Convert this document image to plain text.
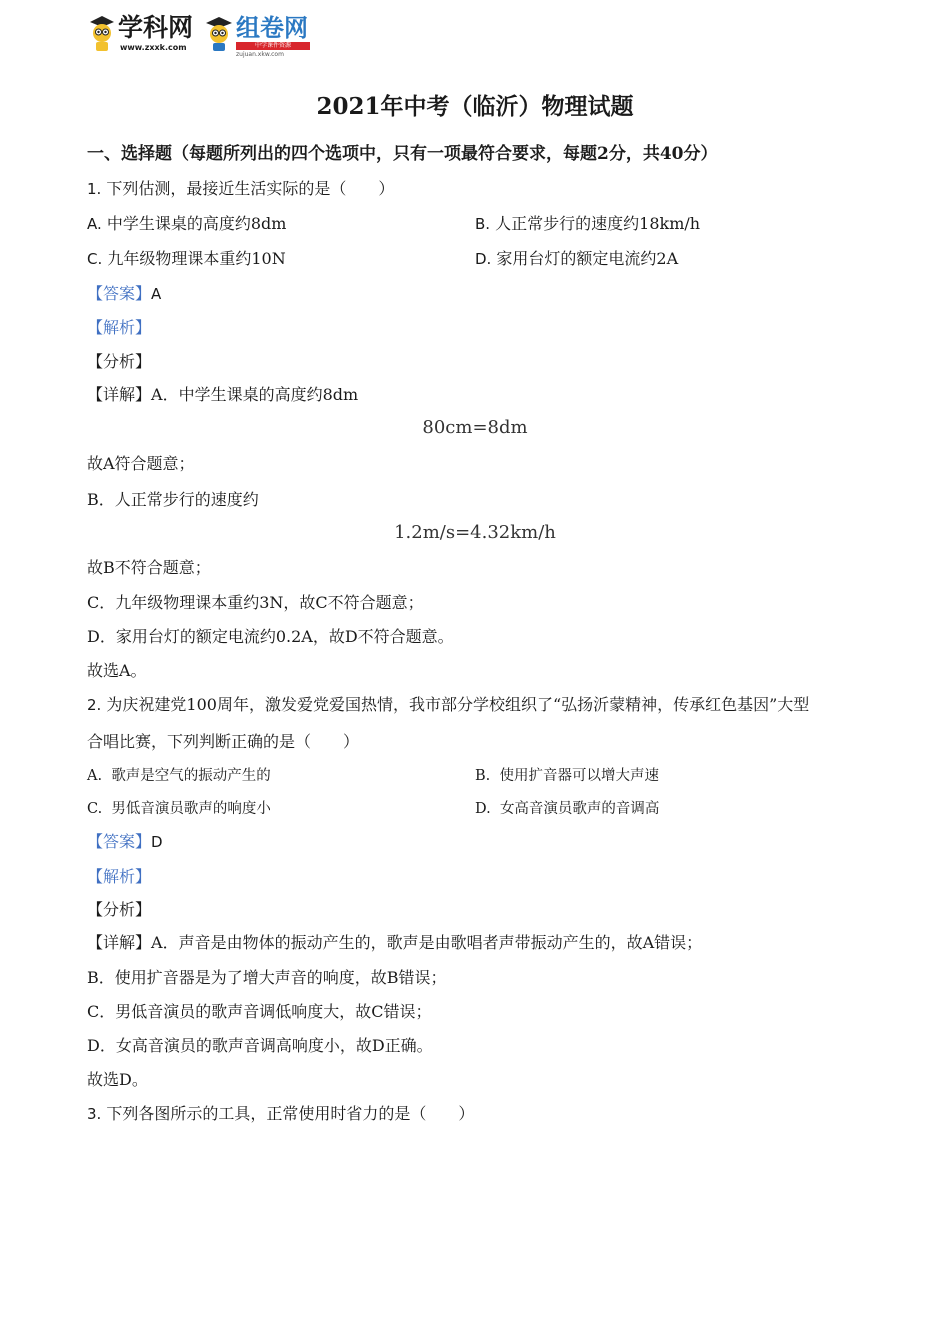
学科网
www.zxxk.com
组卷网
中学课件资源
zujuan.xkw.com
2021年中考（临沂）物理试题
一、选择题（每题所列出的四个选项中，只有一项最符合要求，每题2分，共40分）
1. 下列估测，最接近生活实际的是（　　）
A. 中学生课桌的高度约8dm	B. 人正常步行的速度约18km/h
C. 九年级物理课本重约10N	D. 家用台灯的额定电流约2A
【答案】A
【解析】
【分析】
【详解】A．中学生课桌的高度约8dm
80cm=8dm
故A符合题意；
B．人正常步行的速度约
1.2m/s=4.32km/h
故B不符合题意；
C．九年级物理课本重约3N，故C不符合题意；
D．家用台灯的额定电流约0.2A，故D不符合题意。
故选A。
2. 为庆祝建党100周年，激发爱党爱国热情，我市部分学校组织了“弘扬沂蒙精神，传承红色基因”大型
合唱比赛，下列判断正确的是（　　）
A. 歌声是空气的振动产生的	B. 使用扩音器可以增大声速
C. 男低音演员歌声的响度小	D. 女高音演员歌声的音调高
【答案】D
【解析】
【分析】
【详解】A．声音是由物体的振动产生的，歌声是由歌唱者声带振动产生的，故A错误；
B．使用扩音器是为了增大声音的响度，故B错误；
C．男低音演员的歌声音调低响度大，故C错误；
D．女高音演员的歌声音调高响度小，故D正确。
故选D。
3. 下列各图所示的工具，正常使用时省力的是（　　）
